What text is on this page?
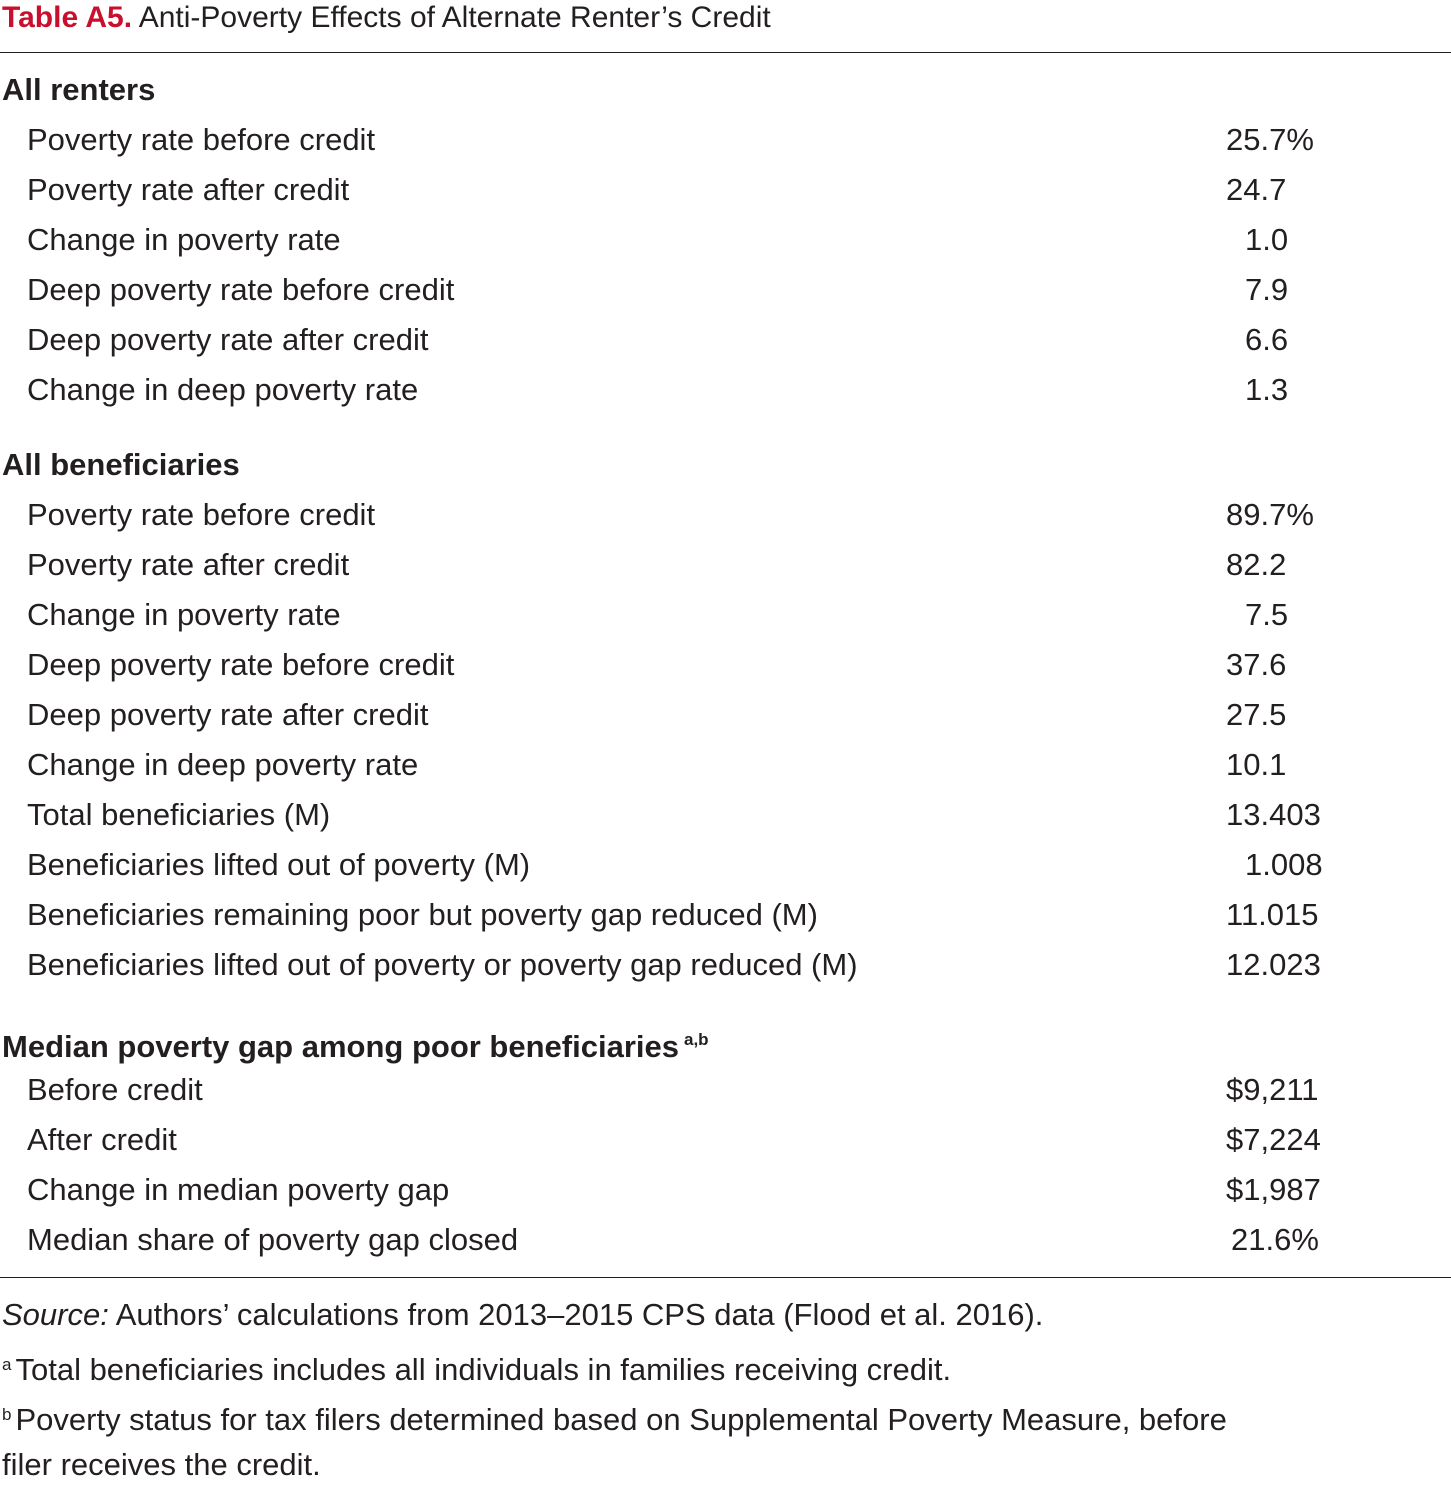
Table A5. Anti-Poverty Effects of Alternate Renter’s Credit
All renters
Poverty rate before credit	25.7%
Poverty rate after credit	24.7
Change in poverty rate	1.0
Deep poverty rate before credit	7.9
Deep poverty rate after credit	6.6
Change in deep poverty rate	1.3
All beneficiaries
Poverty rate before credit	89.7%
Poverty rate after credit	82.2
Change in poverty rate	7.5
Deep poverty rate before credit	37.6
Deep poverty rate after credit	27.5
Change in deep poverty rate	10.1
Total beneficiaries (M)	13.403
Beneficiaries lifted out of poverty (M)	1.008
Beneficiaries remaining poor but poverty gap reduced (M)	11.015
Beneficiaries lifted out of poverty or poverty gap reduced (M)	12.023
Median poverty gap among poor beneficiaries $^{a,b}$
Before credit	$9,211
After credit	$7,224
Change in median poverty gap	$1,987
Median share of poverty gap closed	21.6%
Source: Authors’ calculations from 2013–2015 CPS data (Flood et al. 2016).
$^a$ Total beneficiaries includes all individuals in families receiving credit.
$^b$ Poverty status for tax filers determined based on Supplemental Poverty Measure, before
filer receives the credit.
